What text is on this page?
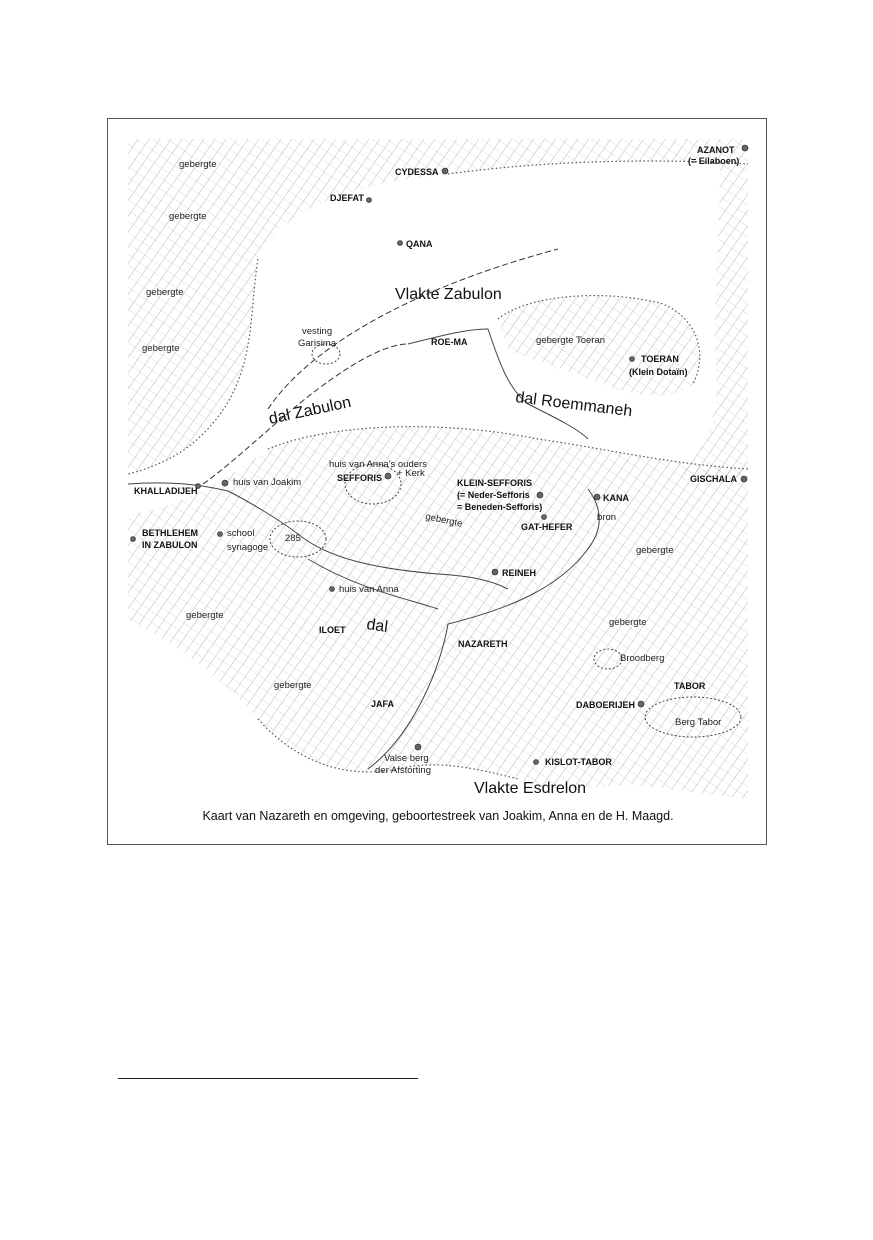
Vlakte Zabulon
dal Zabulon	dal Roemmaneh
dal
Vlakte Esdrelon
AZANOT
(= Eilaboen)
CYDESSA
DJEFAT
QANA
ROE-MA
TOERAN
(Klein Dotaïn)
KHALLADIJEH
SEFFORIS	KLEIN-SEFFORIS
(= Neder-Sefforis
= Beneden-Sefforis)
KANA
GISCHALA
BETHLEHEM
IN ZABULON
GAT-HEFER
REINEH
ILOET
NAZARETH
TABOR
JAFA	DABOERIJEH
KISLOT-TABOR
gebergte
gebergte
gebergte
gebergte
gebergte Toeran
vesting
Garisima
huis van Joakim
huis van Anna's ouders
+ Kerk
gebergte	bron
school
synagoge
285
gebergte
huis van Anna
gebergte
gebergte
Broodberg
gebergte
Berg Tabor
Valse berg
der Afstorting
Kaart van Nazareth en omgeving, geboortestreek van Joakim, Anna en de H. Maagd.
